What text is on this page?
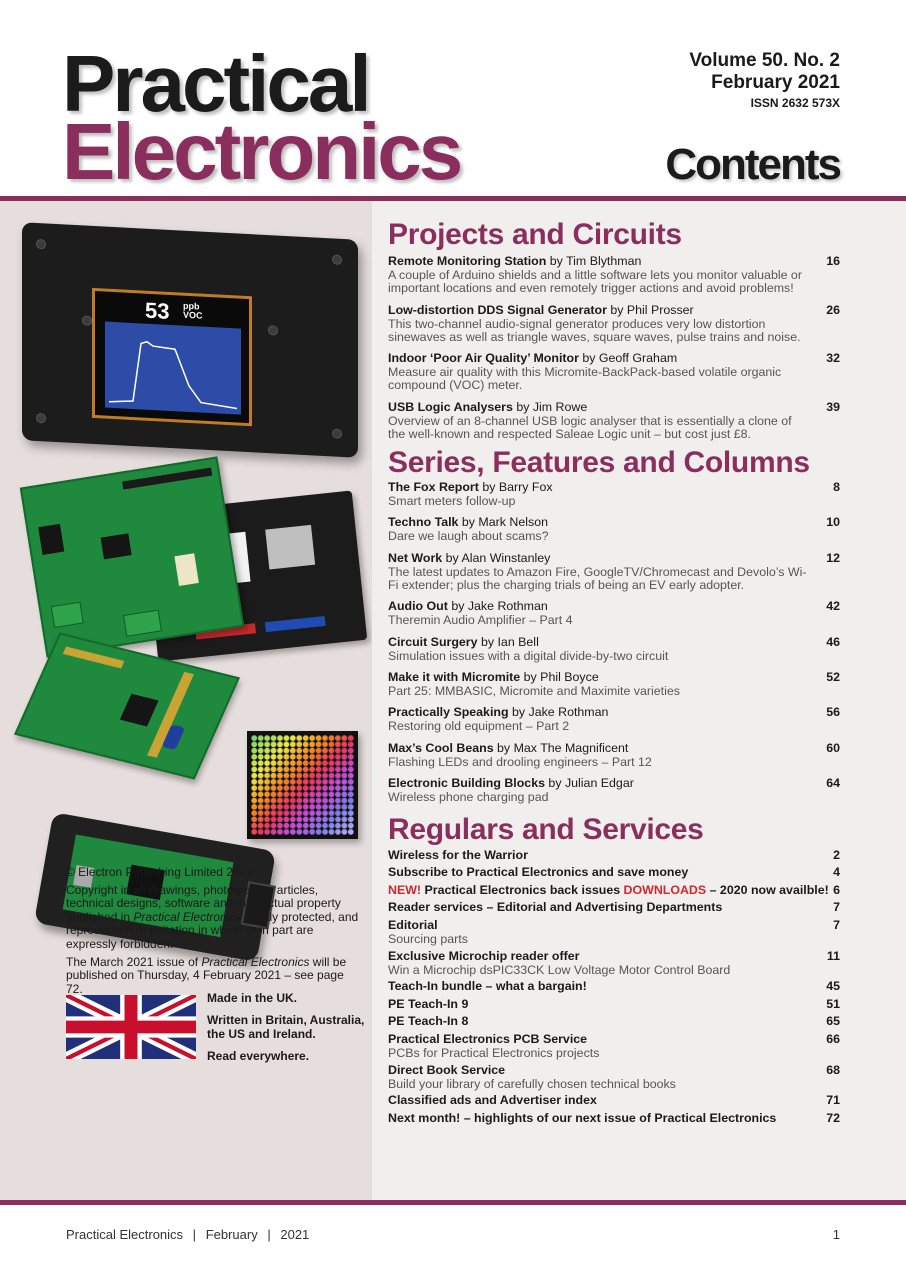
Practical
Electronics
Volume 50. No. 2
February 2021
ISSN 2632 573X
Contents
53 ppb
VOC

Made in the UK.

Written in Britain, Australia, the US and Ireland.

Read everywhere.

© Electron Publishing Limited 2021

Copyright in all drawings, photographs, articles, technical designs, software and intellectual property published in Practical Electronics is fully protected, and reproduction or imitation in whole or in part are expressly forbidden.

The March 2021 issue of Practical Electronics will be published on Thursday, 4 February 2021 – see page 72.

Projects and Circuits
Remote Monitoring Station by Tim Blythman	16
A couple of Arduino shields and a little software lets you monitor valuable or important locations and even remotely trigger actions and avoid problems!
Low-distortion DDS Signal Generator by Phil Prosser	26
This two-channel audio-signal generator produces very low distortion sinewaves as well as triangle waves, square waves, pulse trains and noise.
Indoor ‘Poor Air Quality’ Monitor by Geoff Graham	32
Measure air quality with this Micromite-BackPack-based volatile organic compound (VOC) meter.
USB Logic Analysers by Jim Rowe	39
Overview of an 8-channel USB logic analyser that is essentially a clone of the well-known and respected Saleae Logic unit – but cost just £8.
Series, Features and Columns
The Fox Report by Barry Fox	8
Smart meters follow-up
Techno Talk by Mark Nelson	10
Dare we laugh about scams?
Net Work by Alan Winstanley	12
The latest updates to Amazon Fire, GoogleTV/Chromecast and Devolo’s Wi-Fi extender; plus the charging trials of being an EV early adopter.
Audio Out by Jake Rothman	42
Theremin Audio Amplifier – Part 4
Circuit Surgery by Ian Bell	46
Simulation issues with a digital divide-by-two circuit
Make it with Micromite by Phil Boyce	52
Part 25: MMBASIC, Micromite and Maximite varieties
Practically Speaking by Jake Rothman	56
Restoring old equipment – Part 2
Max’s Cool Beans by Max The Magnificent	60
Flashing LEDs and drooling engineers – Part 12
Electronic Building Blocks by Julian Edgar	64
Wireless phone charging pad
Regulars and Services
Wireless for the Warrior	2
Subscribe to Practical Electronics and save money	4
NEW! Practical Electronics back issues DOWNLOADS – 2020 now availble! 6
Reader services – Editorial and Advertising Departments	7
Editorial	7
Sourcing parts
Exclusive Microchip reader offer	11
Win a Microchip dsPIC33CK Low Voltage Motor Control Board
Teach-In bundle – what a bargain!	45
PE Teach-In 9	51
PE Teach-In 8	65
Practical Electronics PCB Service	66
PCBs for Practical Electronics projects
Direct Book Service	68
Build your library of carefully chosen technical books
Classified ads and Advertiser index	71
Next month! – highlights of our next issue of Practical Electronics	72
Practical Electronics | February | 2021	1
